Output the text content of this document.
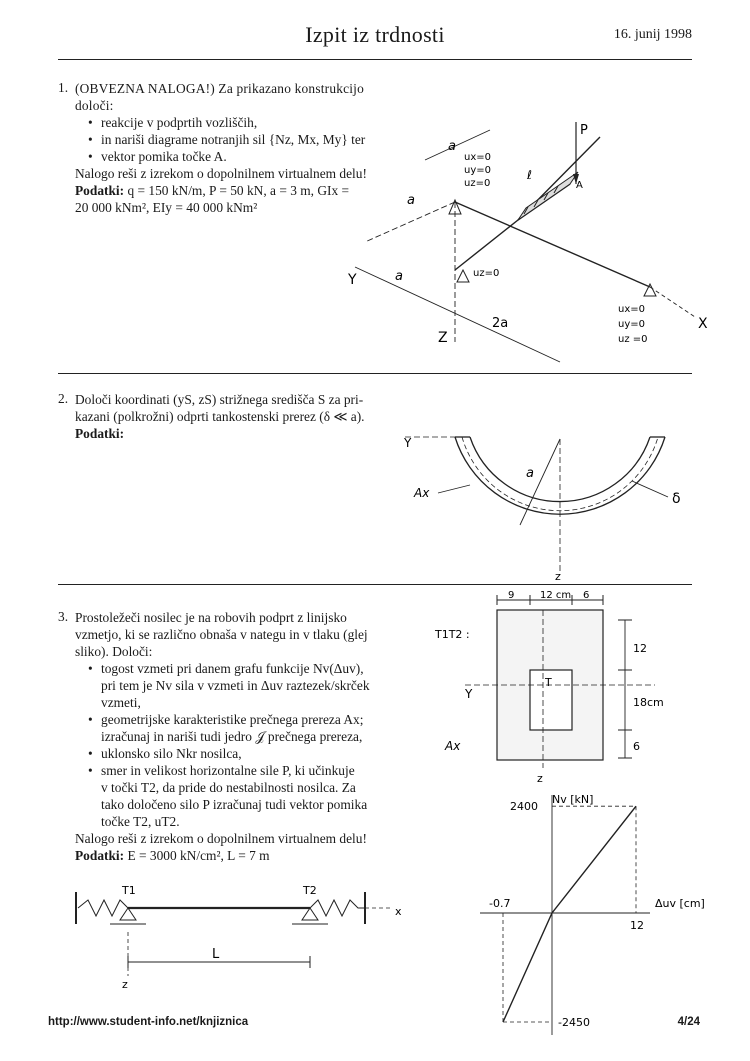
Izpit iz trdnosti	16. junij 1998
1. (OBVEZNA NALOGA!) Za prikazano konstrukcijo določi:
• reakcije v podprtih vozliščih,
• in nariši diagrame notranjih sil {Nz, Mx, My} ter
• vektor pomika točke A.
Nalogo reši z izrekom o dopolnilnem virtualnem delu!
Podatki: q = 150 kN/m, P = 50 kN, a = 3 m, GIx =
20 000 kNm², EIy = 40 000 kNm²
P
A
ℓ
a
a
a
2a
Y
Z
X
ux=0
uy=0
uz=0
uz=0
ux=0
uy=0
uz =0
2. Določi koordinati (yS, zS) strižnega središča S za pri-
kazani (polkrožni) odprti tankostenski prerez (δ ≪ a).
Podatki:
Y
z
a
Ax	δ
3. Prostoležeči nosilec je na robovih podprt z linijsko
vzmetjo, ki se različno obnaša v nategu in v tlaku (glej
sliko). Določi:
• togost vzmeti pri danem grafu funkcije Nv(Δuv),
pri tem je Nv sila v vzmeti in Δuv raztezek/skrček
vzmeti,
• geometrijske karakteristike prečnega prereza Ax;
izračunaj in nariši tudi jedro 𝒥 prečnega prereza,
• uklonsko silo Nkr nosilca,
• smer in velikost horizontalne sile P, ki učinkuje
v točki T2, da pride do nestabilnosti nosilca. Za
tako določeno silo P izračunaj tudi vektor pomika
točke T2, uT2.
Nalogo reši z izrekom o dopolnilnem virtualnem delu!
Podatki: E = 3000 kN/cm², L = 7 m
9	12 cm 6
T1T2 :
12
18cm
6
Y
T
Ax
z
T1	T2
x
L
z
Nv [kN]
Δuv [cm]
2400
-2450
-0.7
12
http://www.student-info.net/knjiznica	4/24
